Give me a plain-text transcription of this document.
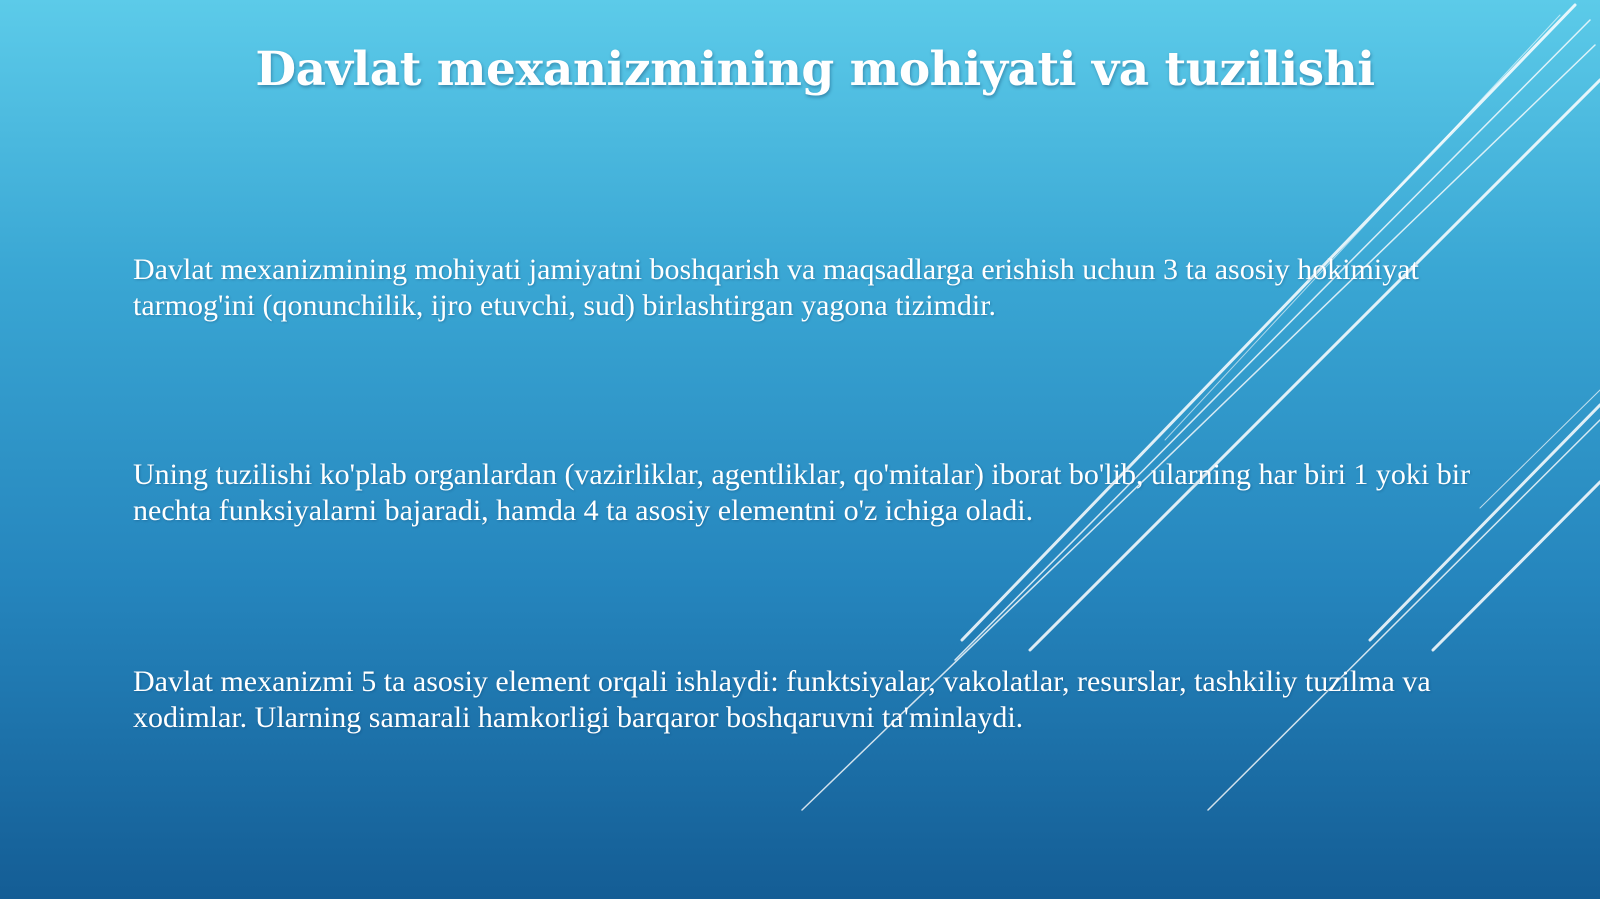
Davlat mexanizmining mohiyati va tuzilishi

Davlat mexanizmining mohiyati jamiyatni boshqarish va maqsadlarga erishish uchun 3 ta asosiy hokimiyat tarmog'ini (qonunchilik, ijro etuvchi, sud) birlashtirgan yagona tizimdir.

Uning tuzilishi ko'plab organlardan (vazirliklar, agentliklar, qo'mitalar) iborat bo'lib, ularning har biri 1 yoki bir nechta funksiyalarni bajaradi, hamda 4 ta asosiy elementni o'z ichiga oladi.

Davlat mexanizmi 5 ta asosiy element orqali ishlaydi: funktsiyalar, vakolatlar, resurslar, tashkiliy tuzilma va xodimlar. Ularning samarali hamkorligi barqaror boshqaruvni ta'minlaydi.
